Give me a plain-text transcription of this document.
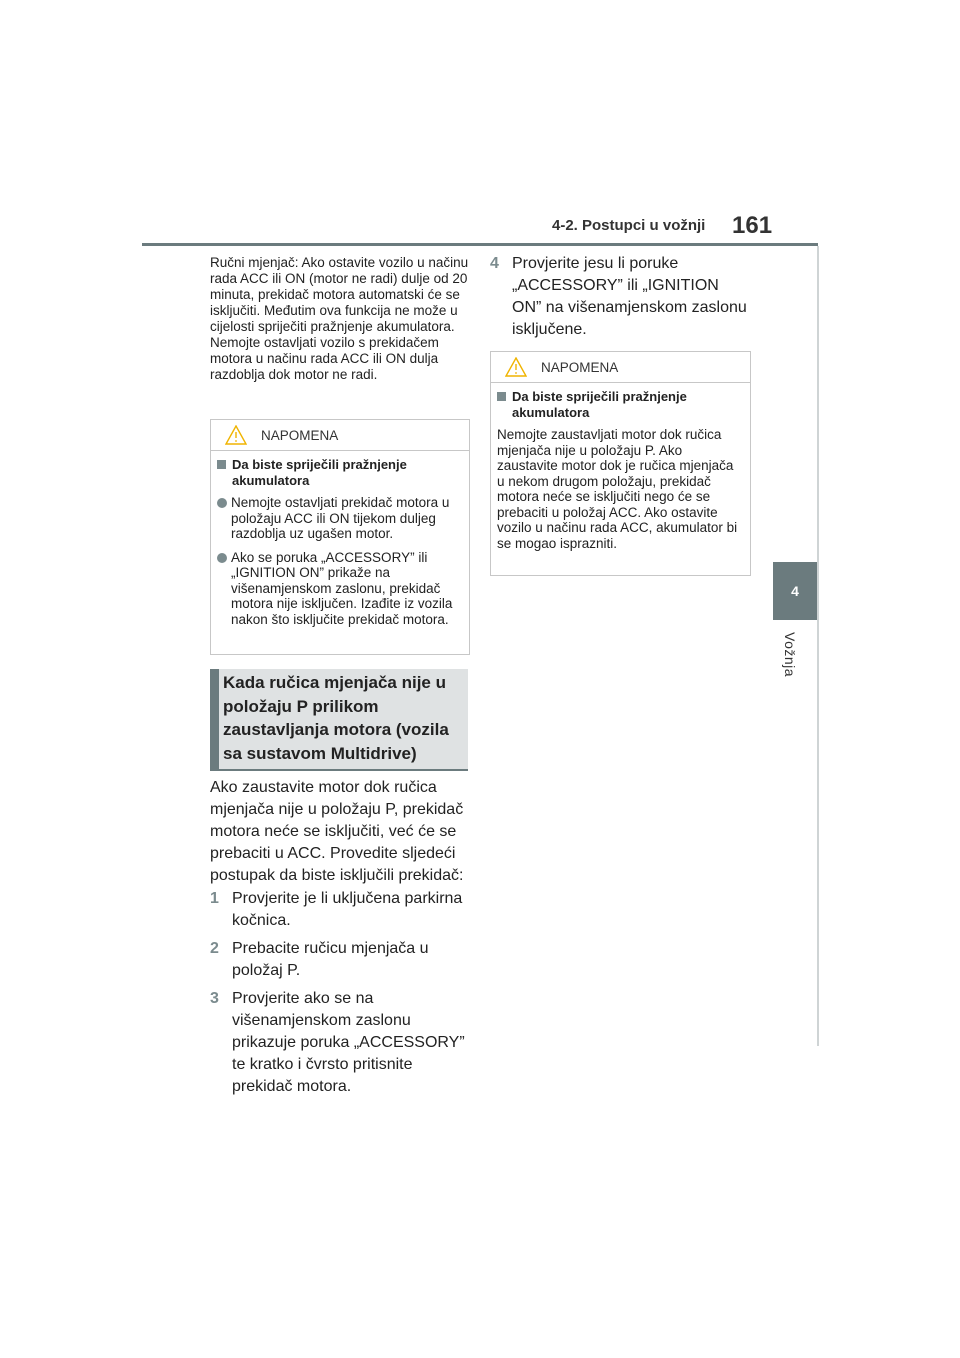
4-2. Postupci u vožnji 161
4
Vožnja
Ručni mjenjač: Ako ostavite vozilo u načinu rada ACC ili ON (motor ne radi) dulje od 20 minuta, prekidač motora automatski će se isključiti. Međutim ova funkcija ne može u cijelosti spriječiti pražnjenje akumulatora. Nemojte ostavljati vozilo s prekidačem motora u načinu rada ACC ili ON dulja razdoblja dok motor ne radi.
NAPOMENA
Da biste spriječili pražnjenje akumulatora
Nemojte ostavljati prekidač motora u položaju ACC ili ON tijekom duljeg razdoblja uz ugašen motor.
Ako se poruka „ACCESSORY” ili „IGNITION ON” prikaže na višenamjenskom zaslonu, prekidač motora nije isključen. Izađite iz vozila nakon što isključite prekidač motora.
Kada ručica mjenjača nije u položaju P prilikom zaustavljanja motora (vozila sa sustavom Multidrive)
Ako zaustavite motor dok ručica mjenjača nije u položaju P, prekidač motora neće se isključiti, već će se prebaciti u ACC. Provedite sljedeći postupak da biste isključili prekidač:
1 Provjerite je li uključena parkirna kočnica.
2 Prebacite ručicu mjenjača u položaj P.
3 Provjerite ako se na višenamjenskom zaslonu prikazuje poruka „ACCESSORY” te kratko i čvrsto pritisnite prekidač motora.
4 Provjerite jesu li poruke „ACCESSORY” ili „IGNITION ON” na višenamjenskom zaslonu isključene.
NAPOMENA
Da biste spriječili pražnjenje akumulatora
Nemojte zaustavljati motor dok ručica mjenjača nije u položaju P. Ako zaustavite motor dok je ručica mjenjača u nekom drugom položaju, prekidač motora neće se isključiti nego će se prebaciti u položaj ACC. Ako ostavite vozilo u načinu rada ACC, akumulator bi se mogao isprazniti.
